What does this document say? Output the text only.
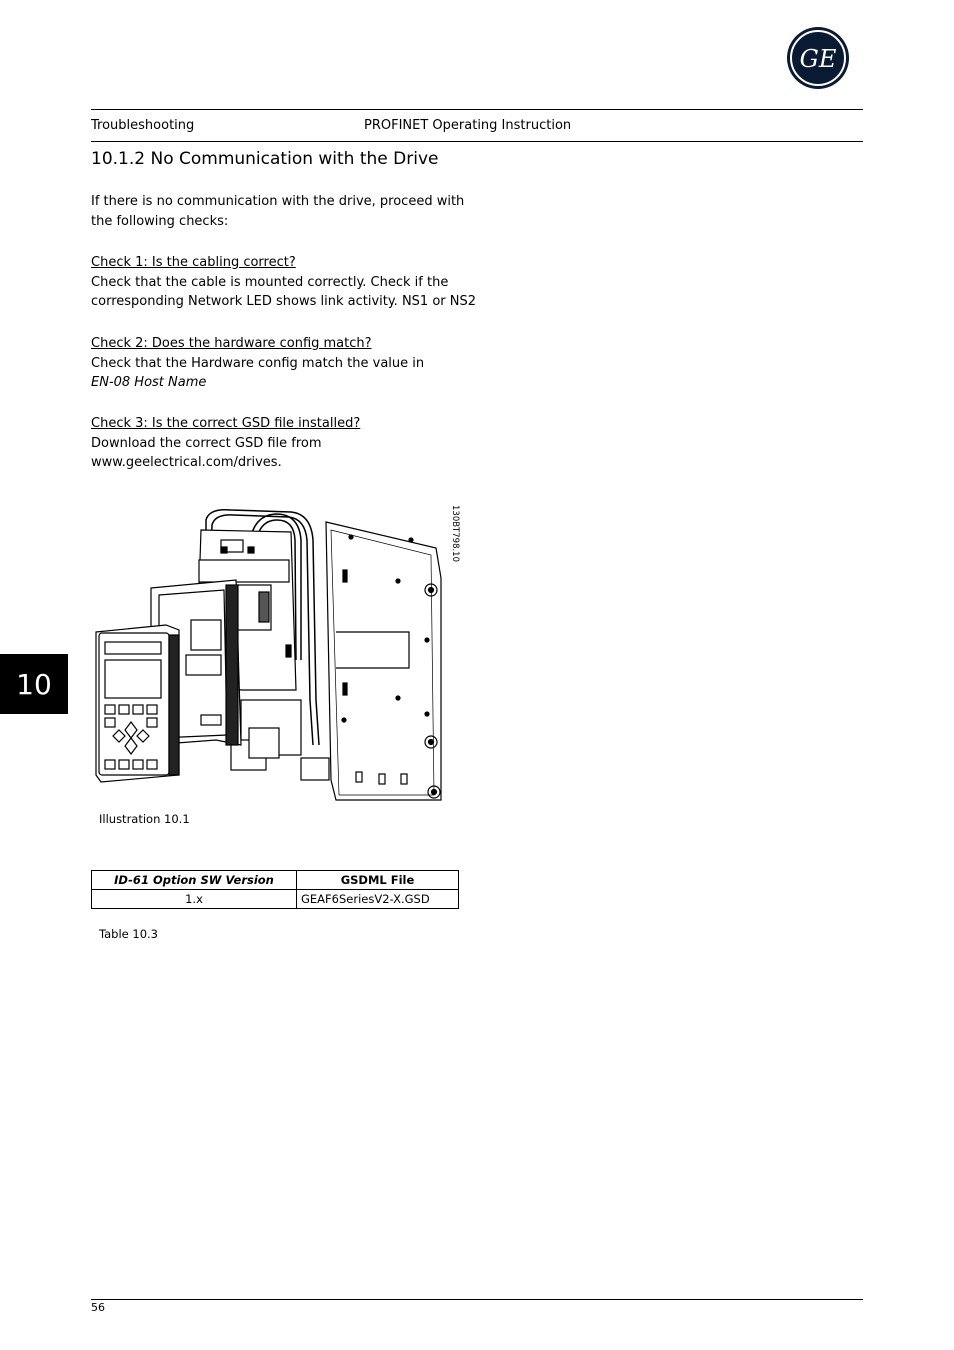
GE
Troubleshooting	PROFINET Operating Instruction
10.1.2 No Communication with the Drive
If there is no communication with the drive, proceed with
the following checks:
Check 1: Is the cabling correct?
Check that the cable is mounted correctly. Check if the
corresponding Network LED shows link activity. NS1 or NS2
Check 2: Does the hardware config match?
Check that the Hardware config match the value in
EN-08 Host Name
Check 3: Is the correct GSD file installed?
Download the correct GSD file from
www.geelectrical.com/drives.
10
130BT798.10
Illustration 10.1
ID-61 Option SW Version	GSDML File
1.x	GEAF6SeriesV2-X.GSD
Table 10.3
56
